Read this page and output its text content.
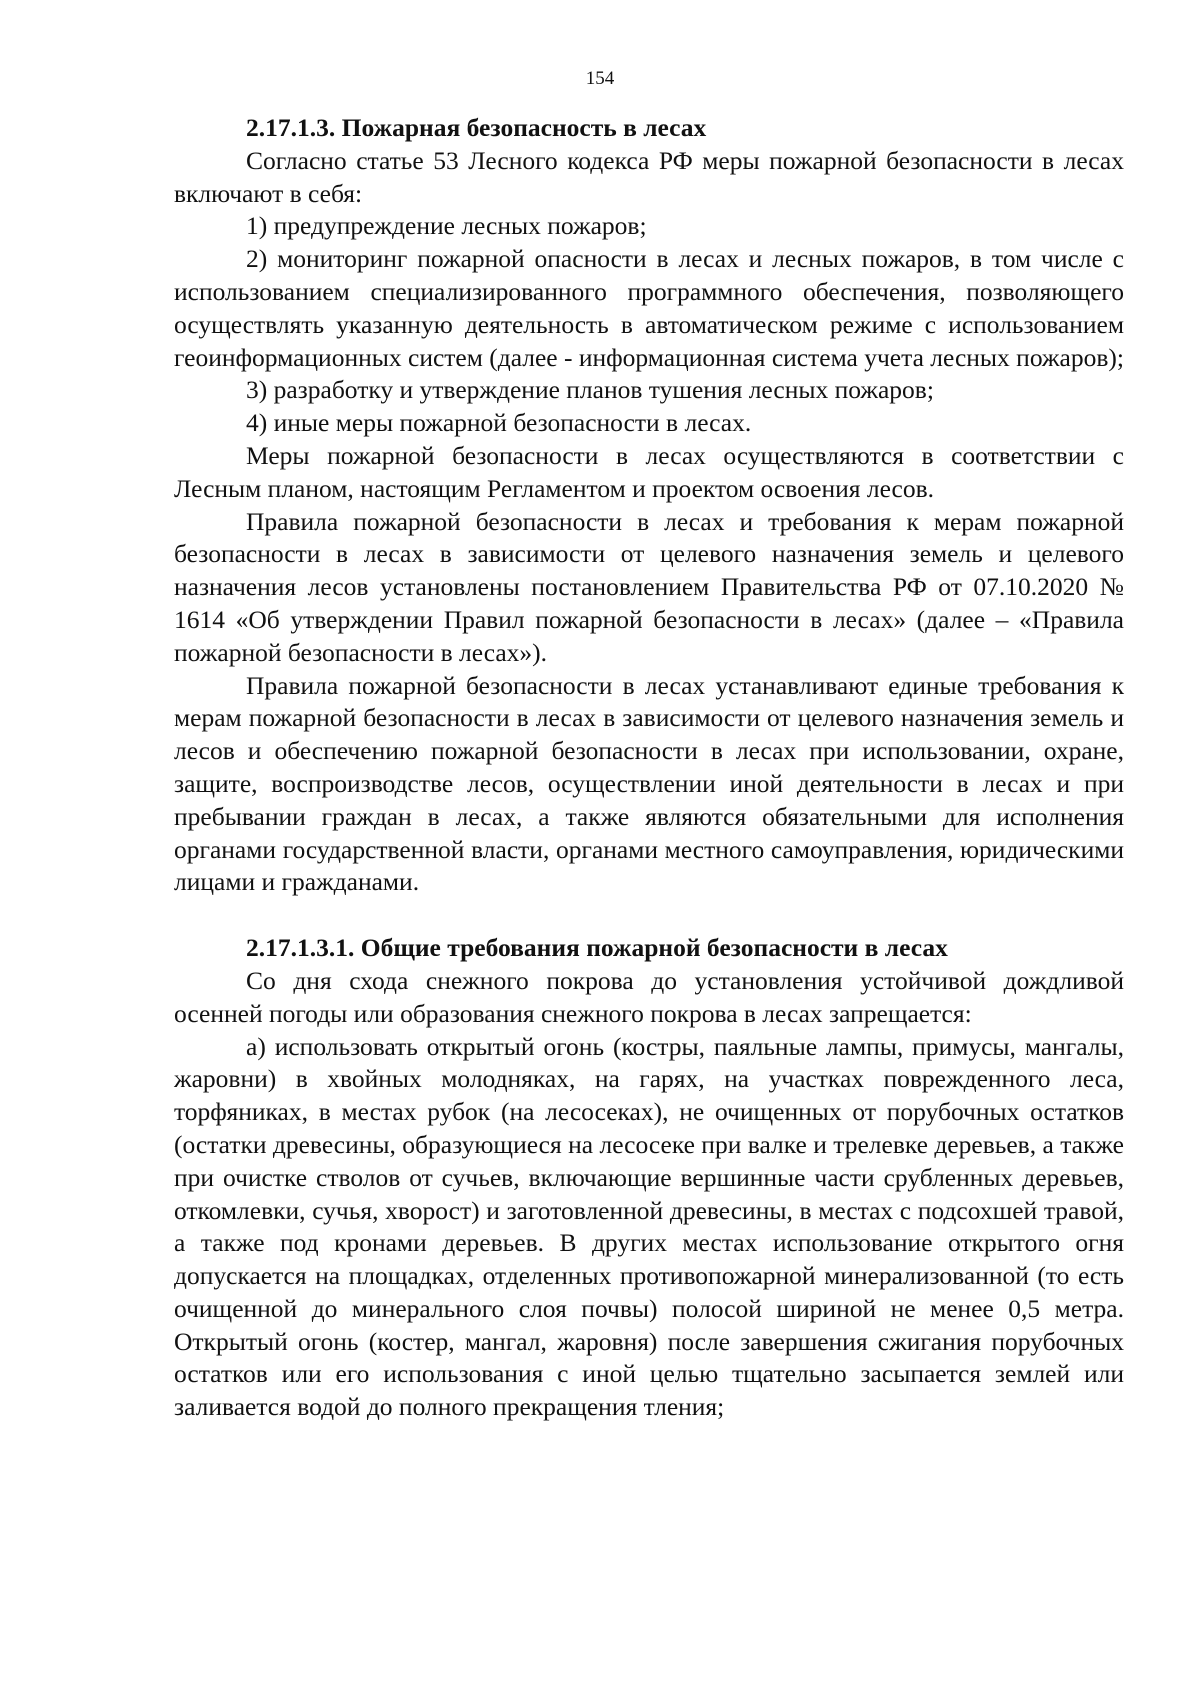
154
2.17.1.3. Пожарная безопасность в лесах

Согласно статье 53 Лесного кодекса РФ меры пожарной безопасности в лесах включают в себя:

1) предупреждение лесных пожаров;

2) мониторинг пожарной опасности в лесах и лесных пожаров, в том числе с использованием специализированного программного обеспечения, позволяющего осуществлять указанную деятельность в автоматическом режиме с использованием геоинформационных систем (далее - информационная система учета лесных пожаров);

3) разработку и утверждение планов тушения лесных пожаров;

4) иные меры пожарной безопасности в лесах.

Меры пожарной безопасности в лесах осуществляются в соответствии с Лесным планом, настоящим Регламентом и проектом освоения лесов.

Правила пожарной безопасности в лесах и требования к мерам пожарной безопасности в лесах в зависимости от целевого назначения земель и целевого назначения лесов установлены постановлением Правительства РФ от 07.10.2020 № 1614 «Об утверждении Правил пожарной безопасности в лесах» (далее – «Правила пожарной безопасности в лесах»).

Правила пожарной безопасности в лесах устанавливают единые требования к мерам пожарной безопасности в лесах в зависимости от целевого назначения земель и лесов и обеспечению пожарной безопасности в лесах при использовании, охране, защите, воспроизводстве лесов, осуществлении иной деятельности в лесах и при пребывании граждан в лесах, а также являются обязательными для исполнения органами государственной власти, органами местного самоуправления, юридическими лицами и гражданами.

2.17.1.3.1. Общие требования пожарной безопасности в лесах

Со дня схода снежного покрова до установления устойчивой дождливой осенней погоды или образования снежного покрова в лесах запрещается:

а) использовать открытый огонь (костры, паяльные лампы, примусы, мангалы, жаровни) в хвойных молодняках, на гарях, на участках поврежденного леса, торфяниках, в местах рубок (на лесосеках), не очищенных от порубочных остатков (остатки древесины, образующиеся на лесосеке при валке и трелевке деревьев, а также при очистке стволов от сучьев, включающие вершинные части срубленных деревьев, откомлевки, сучья, хворост) и заготовленной древесины, в местах с подсохшей травой, а также под кронами деревьев. В других местах использование открытого огня допускается на площадках, отделенных противопожарной минерализованной (то есть очищенной до минерального слоя почвы) полосой шириной не менее 0,5 метра. Открытый огонь (костер, мангал, жаровня) после завершения сжигания порубочных остатков или его использования с иной целью тщательно засыпается землей или заливается водой до полного прекращения тления;
